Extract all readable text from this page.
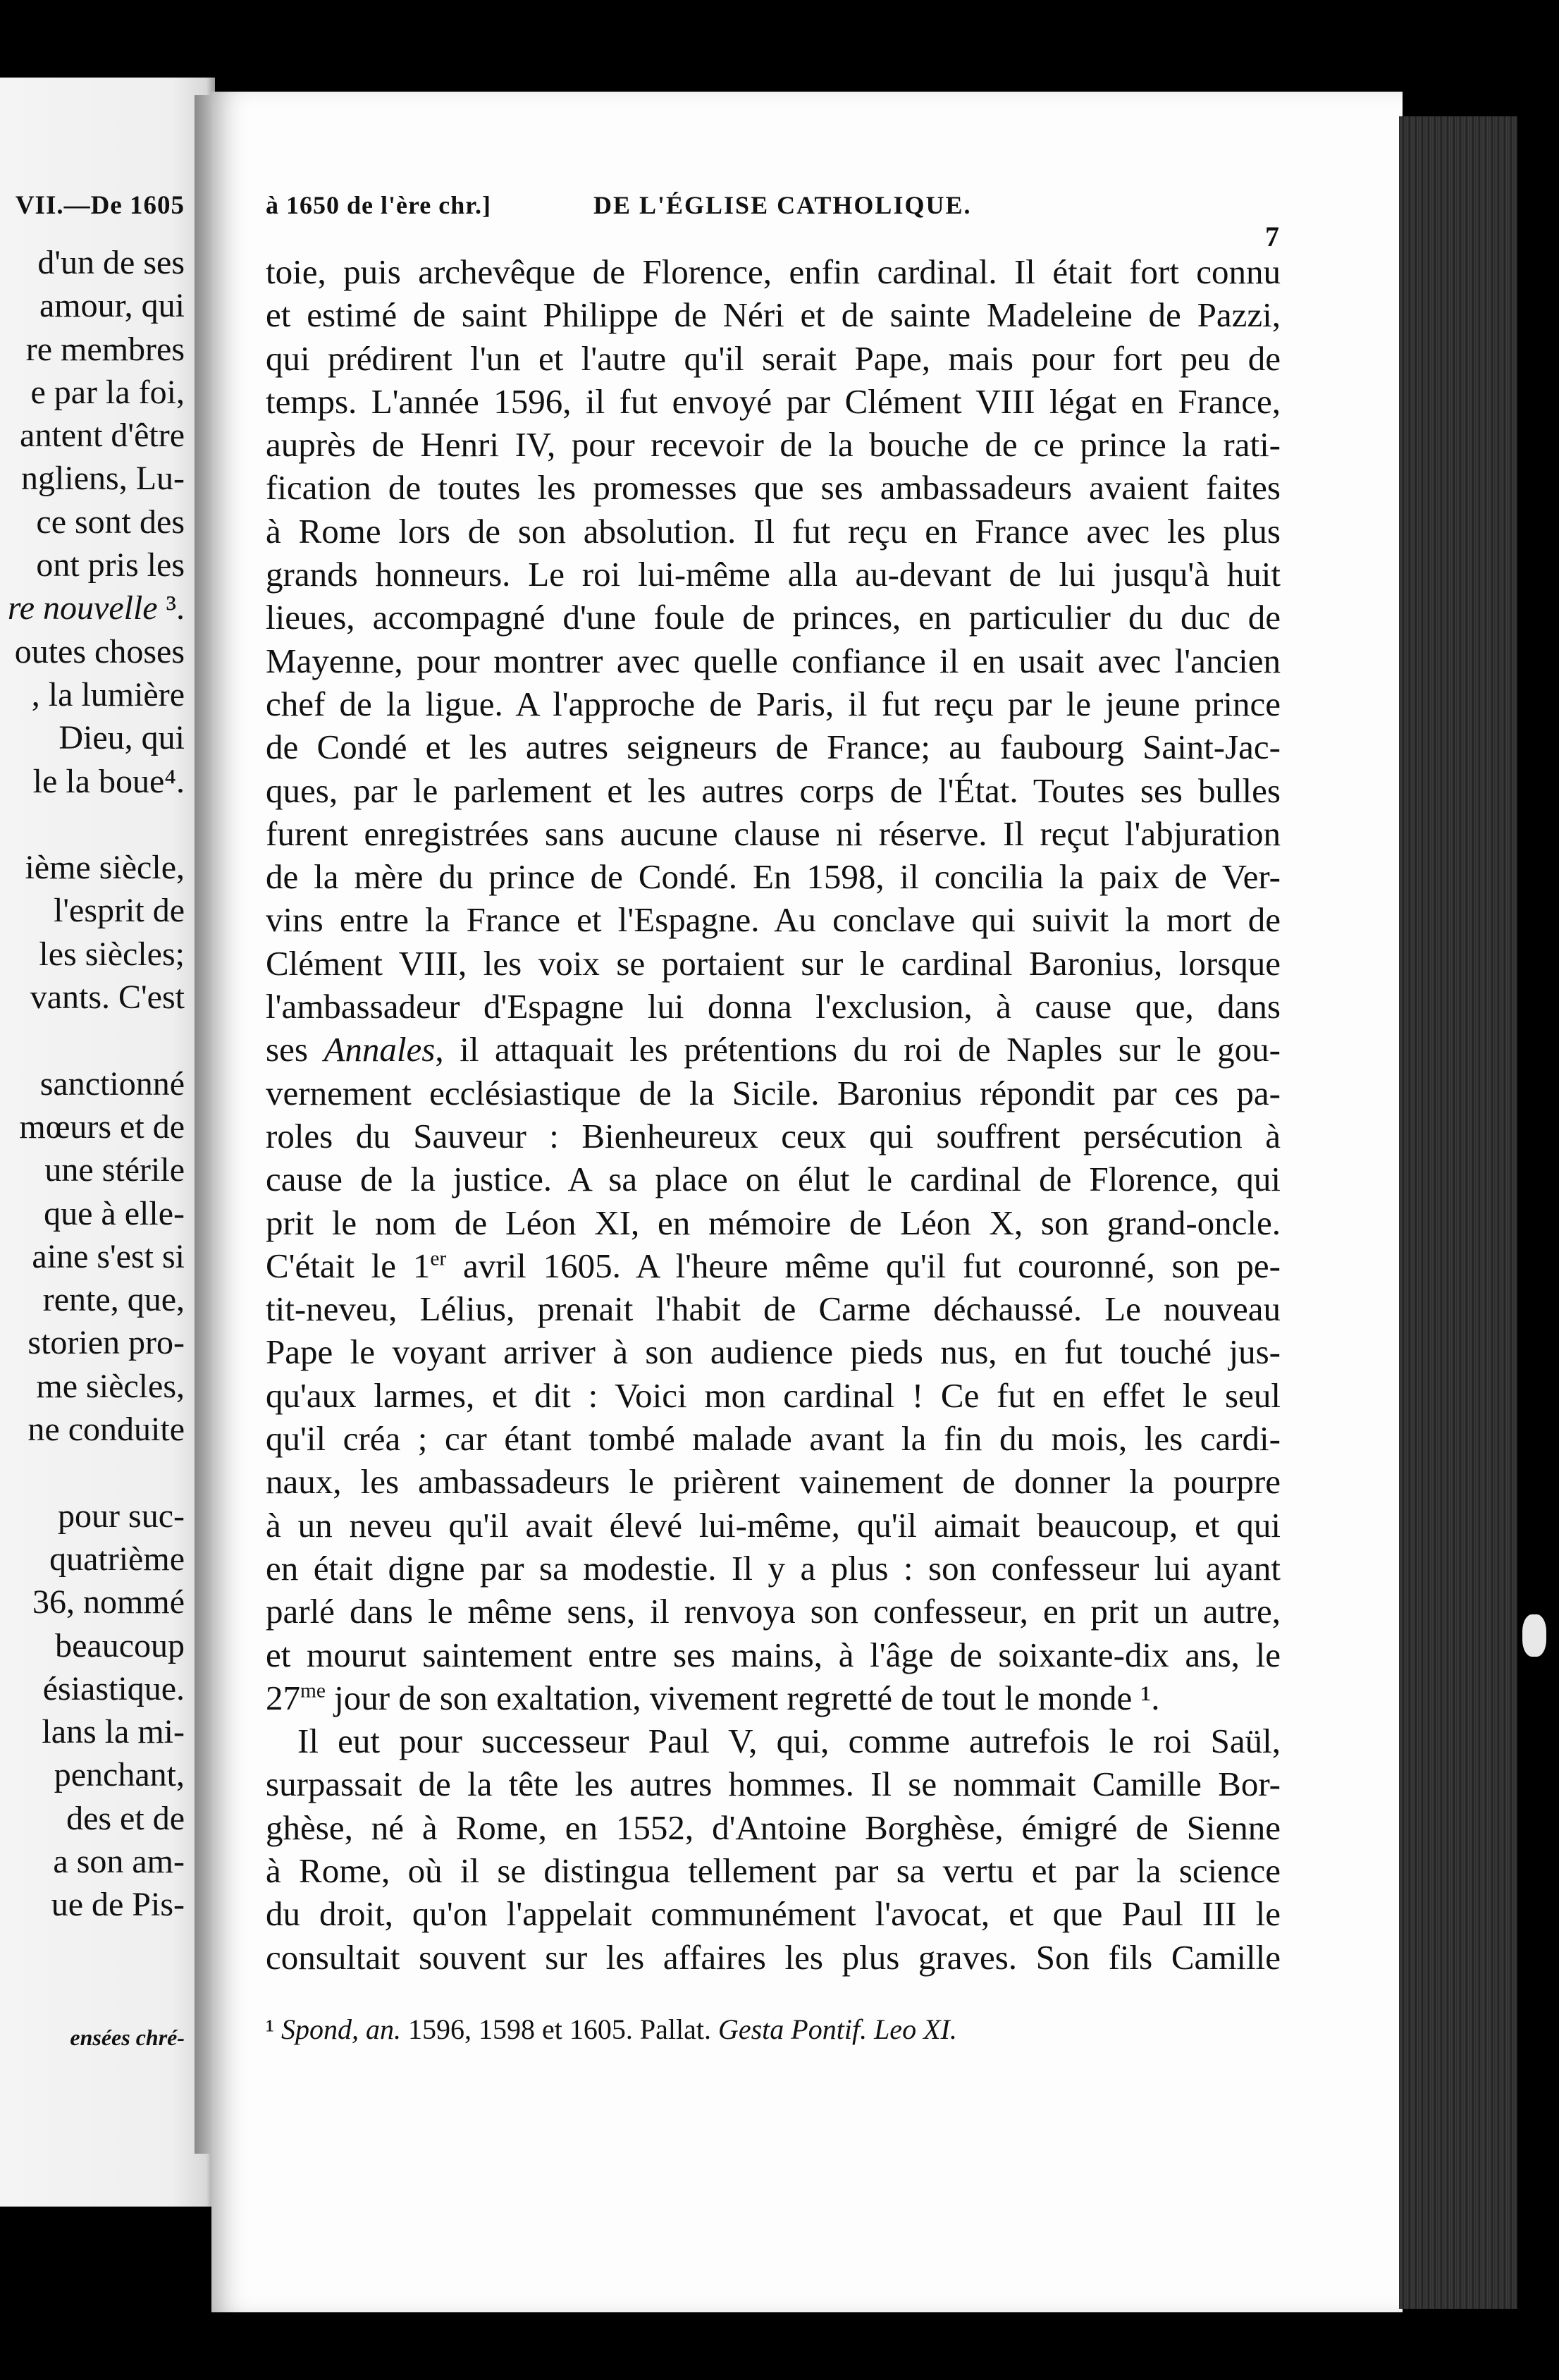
VII.—De 1605
d'un de ses
amour, qui
re membres
e par la foi,
antent d'être
ngliens, Lu-
ce sont des
ont pris les
re nouvelle ³.
outes choses
, la lumière
Dieu, qui
le la boue⁴.
ième siècle,
l'esprit de
les siècles;
vants. C'est
sanctionné
mœurs et de
une stérile
que à elle-
aine s'est si
rente, que,
storien pro-
me siècles,
ne conduite
pour suc-
quatrième
36, nommé
beaucoup
ésiastique.
lans la mi-
penchant,
des et de
a son am-
ue de Pis-
ensées chré-
à 1650 de l'ère chr.]	DE L'ÉGLISE CATHOLIQUE.
7
toie, puis archevêque de Florence, enfin cardinal. Il était fort connu
et estimé de saint Philippe de Néri et de sainte Madeleine de Pazzi,
qui prédirent l'un et l'autre qu'il serait Pape, mais pour fort peu de
temps. L'année 1596, il fut envoyé par Clément VIII légat en France,
auprès de Henri IV, pour recevoir de la bouche de ce prince la rati-
fication de toutes les promesses que ses ambassadeurs avaient faites
à Rome lors de son absolution. Il fut reçu en France avec les plus
grands honneurs. Le roi lui-même alla au-devant de lui jusqu'à huit
lieues, accompagné d'une foule de princes, en particulier du duc de
Mayenne, pour montrer avec quelle confiance il en usait avec l'ancien
chef de la ligue. A l'approche de Paris, il fut reçu par le jeune prince
de Condé et les autres seigneurs de France; au faubourg Saint-Jac-
ques, par le parlement et les autres corps de l'État. Toutes ses bulles
furent enregistrées sans aucune clause ni réserve. Il reçut l'abjuration
de la mère du prince de Condé. En 1598, il concilia la paix de Ver-
vins entre la France et l'Espagne. Au conclave qui suivit la mort de
Clément VIII, les voix se portaient sur le cardinal Baronius, lorsque
l'ambassadeur d'Espagne lui donna l'exclusion, à cause que, dans
ses Annales, il attaquait les prétentions du roi de Naples sur le gou-
vernement ecclésiastique de la Sicile. Baronius répondit par ces pa-
roles du Sauveur : Bienheureux ceux qui souffrent persécution à
cause de la justice. A sa place on élut le cardinal de Florence, qui
prit le nom de Léon XI, en mémoire de Léon X, son grand-oncle.
C'était le 1er avril 1605. A l'heure même qu'il fut couronné, son pe-
tit-neveu, Lélius, prenait l'habit de Carme déchaussé. Le nouveau
Pape le voyant arriver à son audience pieds nus, en fut touché jus-
qu'aux larmes, et dit : Voici mon cardinal ! Ce fut en effet le seul
qu'il créa ; car étant tombé malade avant la fin du mois, les cardi-
naux, les ambassadeurs le prièrent vainement de donner la pourpre
à un neveu qu'il avait élevé lui-même, qu'il aimait beaucoup, et qui
en était digne par sa modestie. Il y a plus : son confesseur lui ayant
parlé dans le même sens, il renvoya son confesseur, en prit un autre,
et mourut saintement entre ses mains, à l'âge de soixante-dix ans, le
$27^{me}$ jour de son exaltation, vivement regretté de tout le monde ¹.
Il eut pour successeur Paul V, qui, comme autrefois le roi Saül,
surpassait de la tête les autres hommes. Il se nommait Camille Bor-
ghèse, né à Rome, en 1552, d'Antoine Borghèse, émigré de Sienne
à Rome, où il se distingua tellement par sa vertu et par la science
du droit, qu'on l'appelait communément l'avocat, et que Paul III le
consultait souvent sur les affaires les plus graves. Son fils Camille
¹ Spond, an. 1596, 1598 et 1605. Pallat. Gesta Pontif. Leo XI.
